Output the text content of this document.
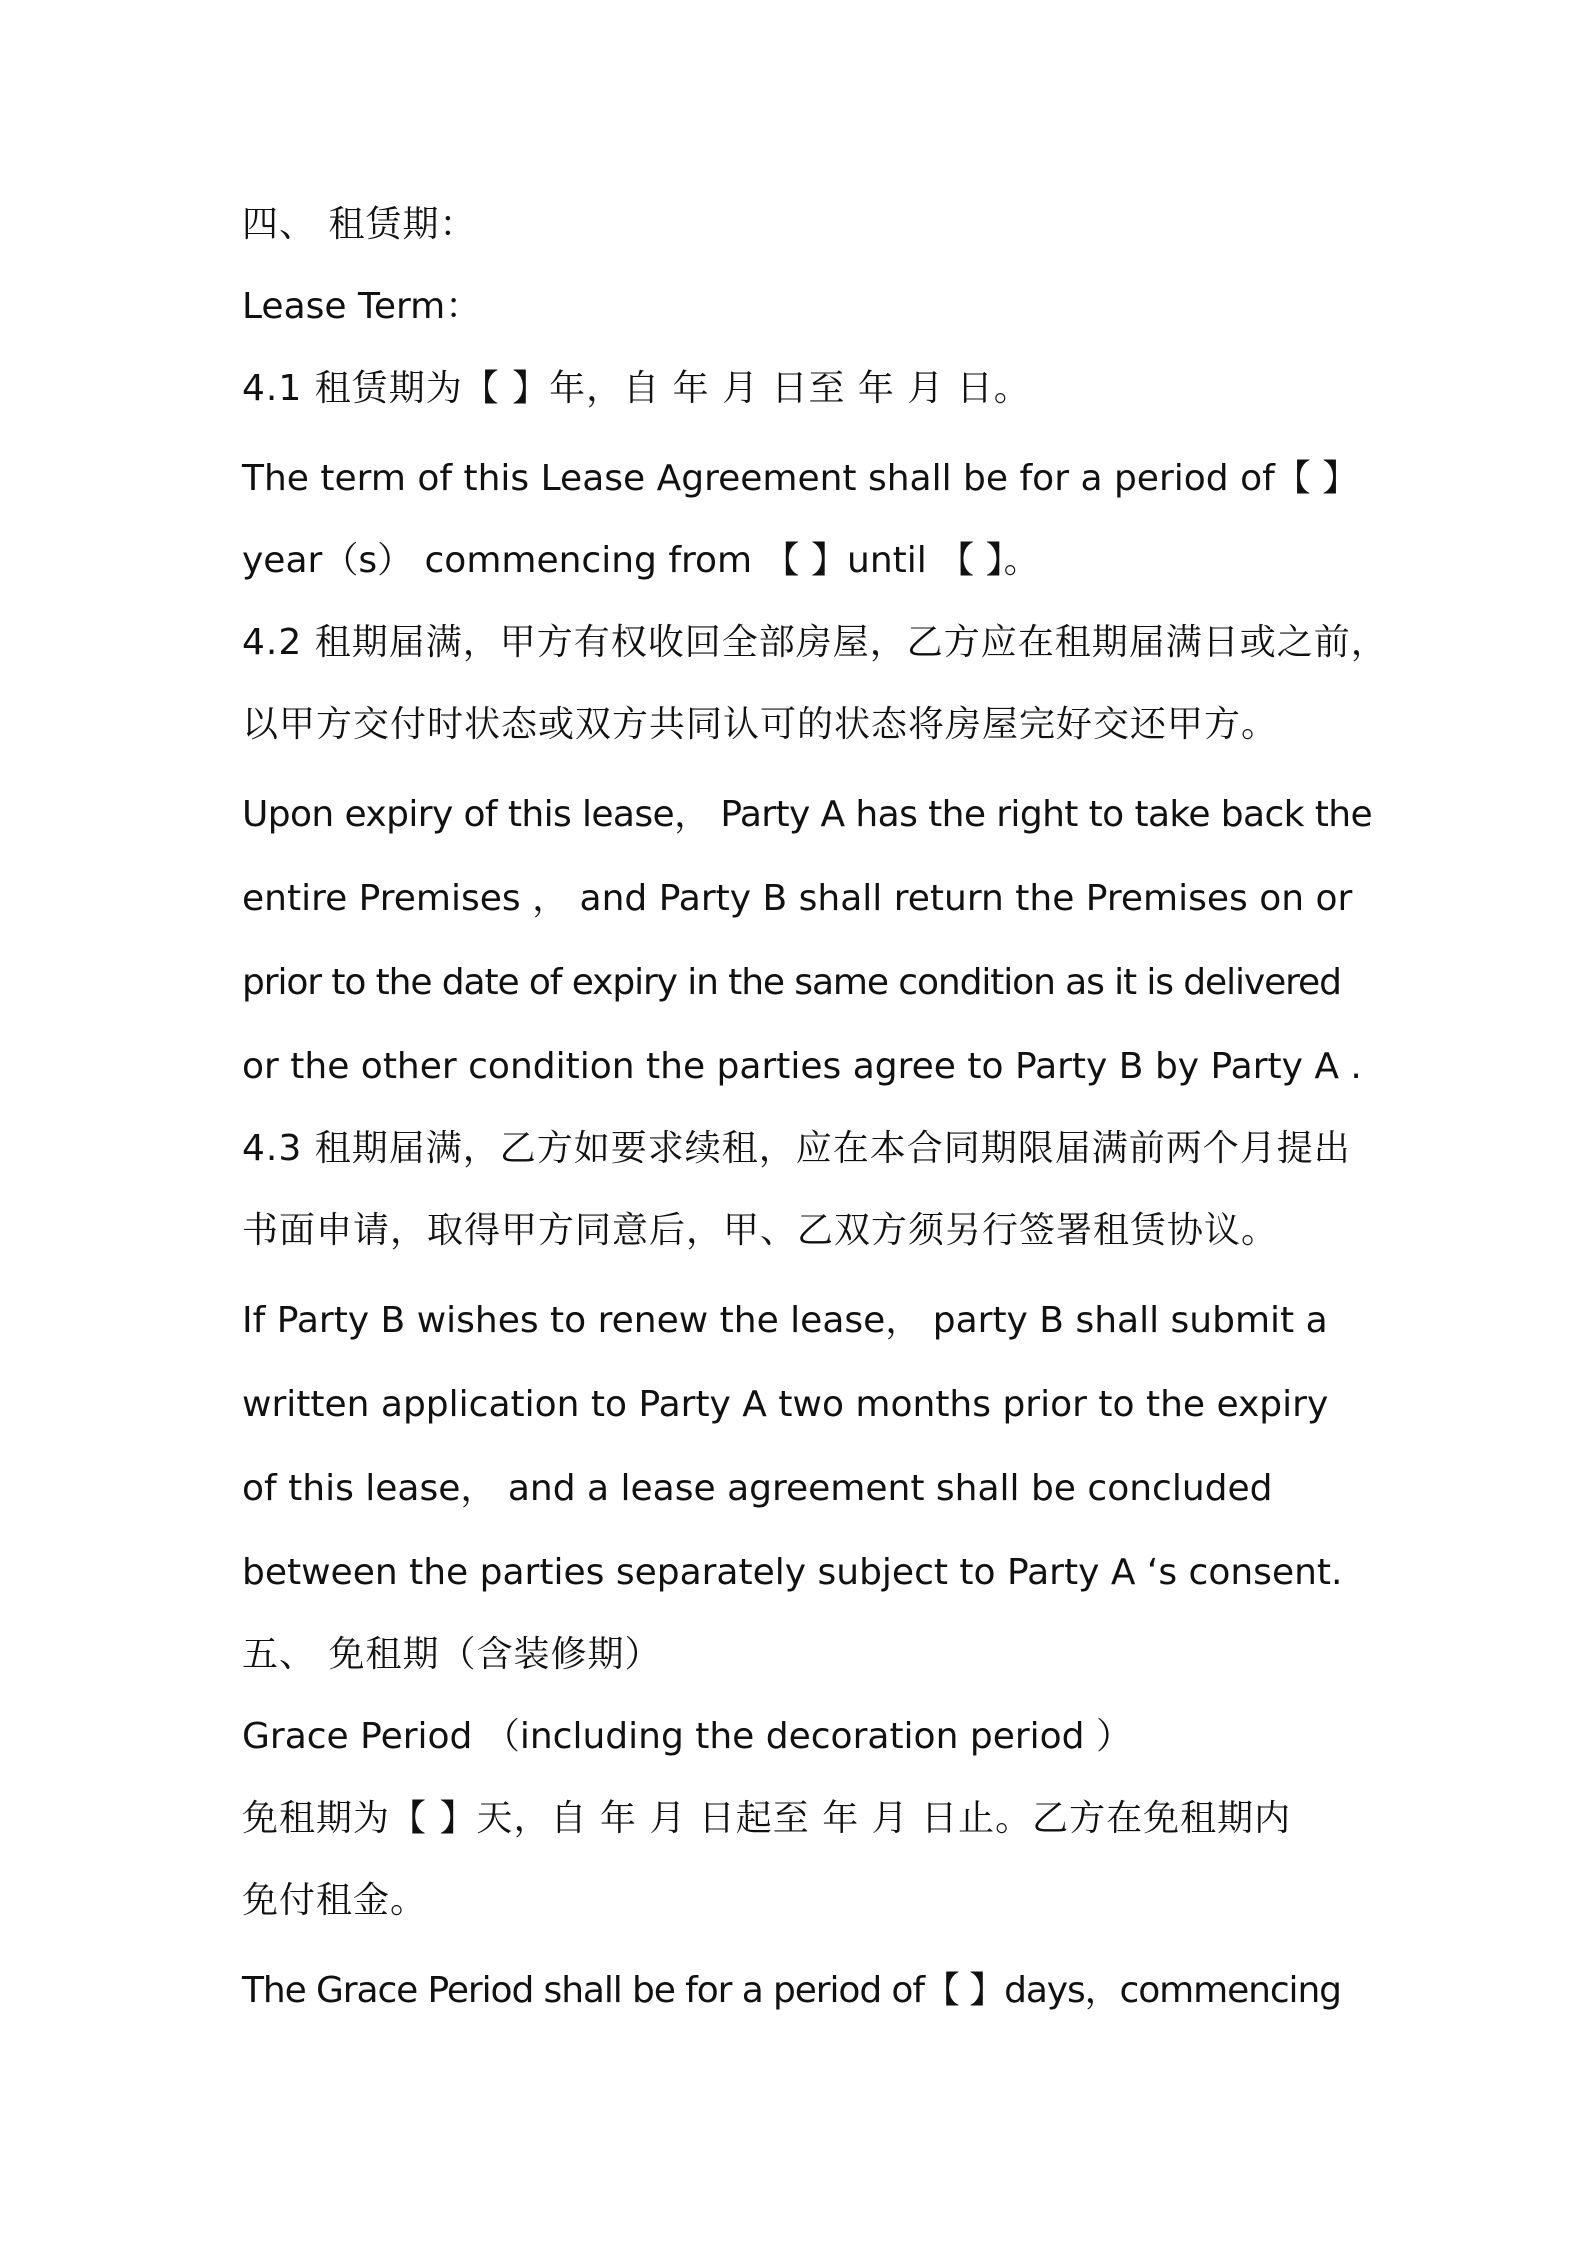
四、 租赁期：

Lease Term：

4.1 租赁期为【 】年，自 年 月 日至 年 月 日。

The term of this Lease Agreement shall be for a period of【 】

year（s） commencing from 【 】until 【 】。

4.2 租期届满，甲方有权收回全部房屋，乙方应在租期届满日或之前，

以甲方交付时状态或双方共同认可的状态将房屋完好交还甲方。

Upon expiry of this lease， Party A has the right to take back the

entire Premises ， and Party B shall return the Premises on or

prior to the date of expiry in the same condition as it is delivered

or the other condition the parties agree to Party B by Party A .

4.3 租期届满，乙方如要求续租，应在本合同期限届满前两个月提出

书面申请，取得甲方同意后，甲、乙双方须另行签署租赁协议。

If Party B wishes to renew the lease， party B shall submit a

written application to Party A two months prior to the expiry

of this lease， and a lease agreement shall be concluded

between the parties separately subject to Party A ‘s consent.

五、 免租期（含装修期）

Grace Period （including the decoration period ）

免租期为【 】天，自 年 月 日起至 年 月 日止。乙方在免租期内

免付租金。

The Grace Period shall be for a period of【 】days，commencing
